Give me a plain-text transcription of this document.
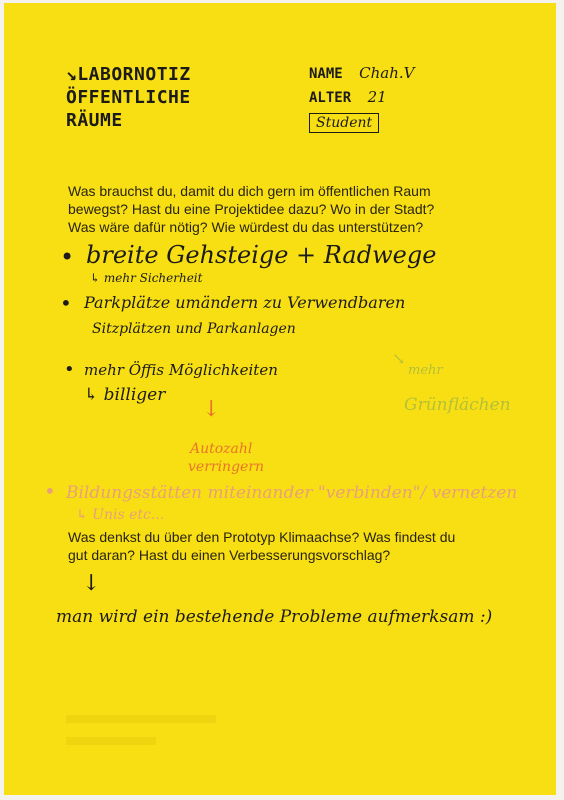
↘LABORNOTIZ
ÖFFENTLICHE
RÄUME
NAME Chah.V
ALTER 21
Student
Was brauchst du, damit du dich gern im öffentlichen Raum
bewegst? Hast du eine Projektidee dazu? Wo in der Stadt?
Was wäre dafür nötig? Wie würdest du das unterstützen?
• breite Gehsteige + Radwege
↳ mehr Sicherheit
• Parkplätze umändern zu Verwendbaren
Sitzplätzen und Parkanlagen
• mehr Öffis Möglichkeiten
↳ billiger
↘
mehr
Grünflächen
↓
Autozahl
verringern
• Bildungsstätten miteinander "verbinden"/ vernetzen
↳ Unis etc...
Was denkst du über den Prototyp Klimaachse? Was findest du
gut daran? Hast du einen Verbesserungsvorschlag?
↓
man wird ein bestehende Probleme aufmerksam :)
